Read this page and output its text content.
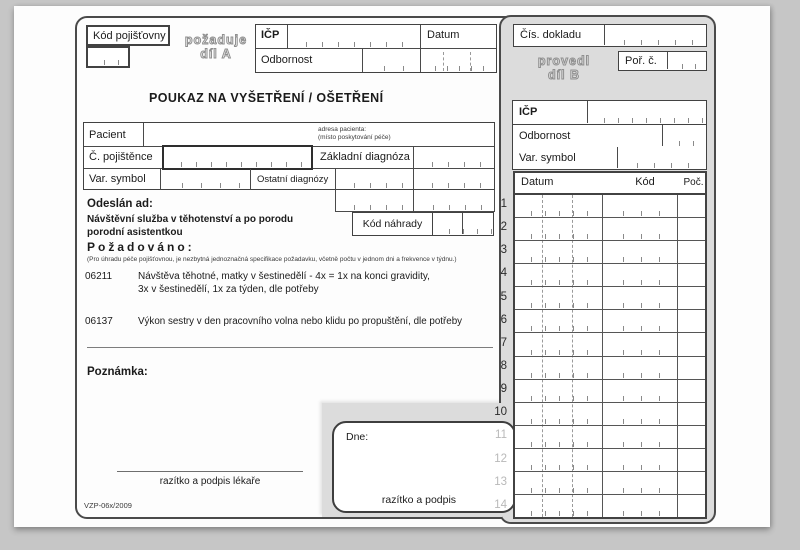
Kód pojišťovny	požaduje
díl A
IČP	Datum
Odbornost
POUKAZ NA VYŠETŘENÍ / OŠETŘENÍ
Pacient	adresa pacienta:
(místo poskytování péče)
Č. pojištěnce	Základní diagnóza
Var. symbol	Ostatní diagnózy
Kód náhrady
Odeslán ad:
Návštěvní služba v těhotenství a po porodu
porodní asistentkou
Požadováno:
(Pro úhradu péče pojišťovnou, je nezbytná jednoznačná specifikace požadavku, včetně počtu v jednom dni a frekvence v týdnu.)
06211	Návštěva těhotné, matky v šestinedělí - 4x = 1x na konci gravidity,
3x v šestinedělí, 1x za týden, dle potřeby
06137	Výkon sestry v den pracovního volna nebo klidu po propuštění, dle potřeby
Poznámka:
razítko a podpis lékaře
VZP-06x/2009
Čís. dokladu
provedl
díl B
Poř. č.
IČP
Odbornost
Var. symbol
Dne:
razítko a podpis
Datum	Kód	Poč.
1
2
3
4
5
6
7
8
9
10
11
12
13
14
